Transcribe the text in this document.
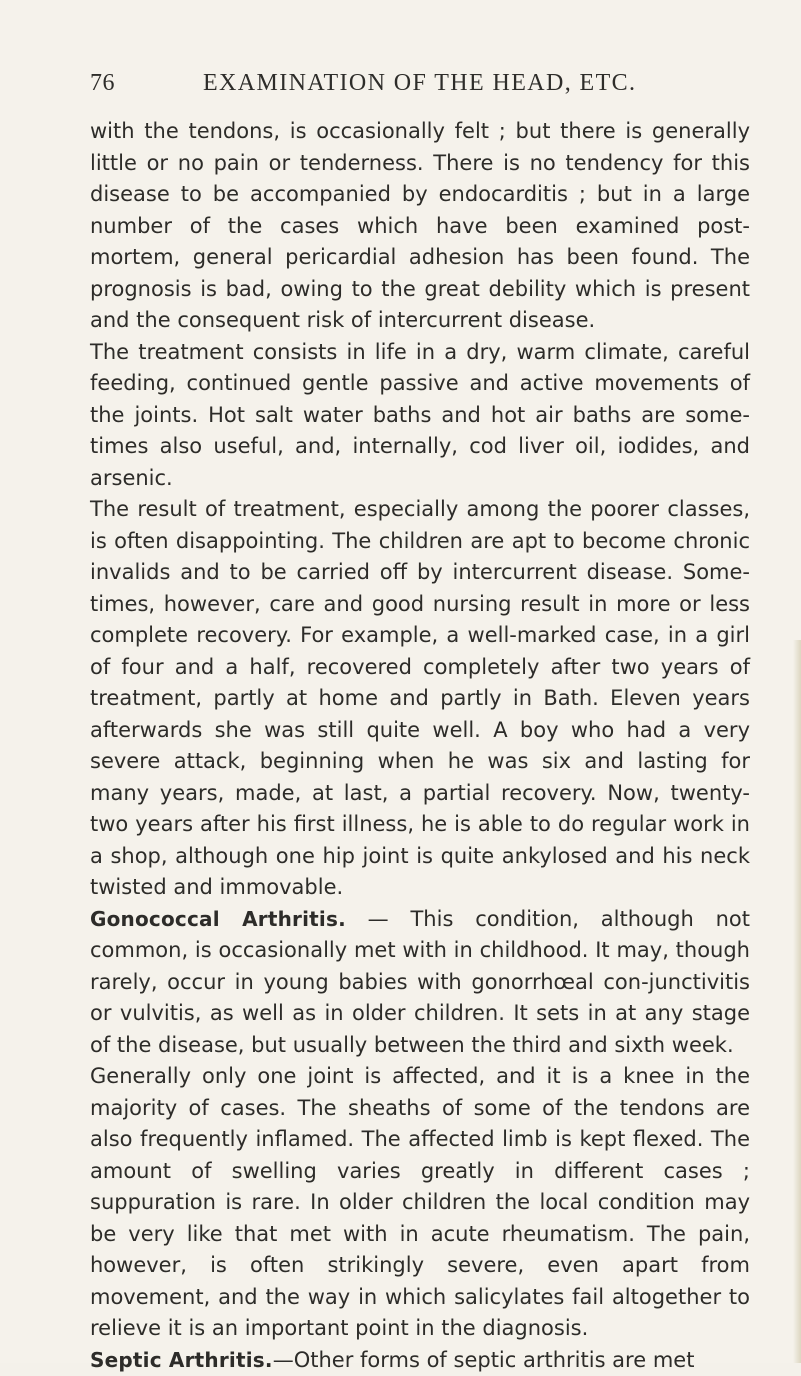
76	EXAMINATION OF THE HEAD, ETC.

with the tendons, is occasionally felt ; but there is generally little or no pain or tenderness. There is no tendency for this disease to be accompanied by endocarditis ; but in a large number of the cases which have been examined post-mortem, general pericardial adhesion has been found. The prognosis is bad, owing to the great debility which is present and the consequent risk of intercurrent disease.

The treatment consists in life in a dry, warm climate, careful feeding, continued gentle passive and active movements of the joints. Hot salt water baths and hot air baths are some-times also useful, and, internally, cod liver oil, iodides, and arsenic.

The result of treatment, especially among the poorer classes, is often disappointing. The children are apt to become chronic invalids and to be carried off by intercurrent disease. Some-times, however, care and good nursing result in more or less complete recovery. For example, a well-marked case, in a girl of four and a half, recovered completely after two years of treatment, partly at home and partly in Bath. Eleven years afterwards she was still quite well. A boy who had a very severe attack, beginning when he was six and lasting for many years, made, at last, a partial recovery. Now, twenty-two years after his first illness, he is able to do regular work in a shop, although one hip joint is quite ankylosed and his neck twisted and immovable.

Gonococcal Arthritis. — This condition, although not common, is occasionally met with in childhood. It may, though rarely, occur in young babies with gonorrhœal con-junctivitis or vulvitis, as well as in older children. It sets in at any stage of the disease, but usually between the third and sixth week.

Generally only one joint is affected, and it is a knee in the majority of cases. The sheaths of some of the tendons are also frequently inflamed. The affected limb is kept flexed. The amount of swelling varies greatly in different cases ; suppuration is rare. In older children the local condition may be very like that met with in acute rheumatism. The pain, however, is often strikingly severe, even apart from movement, and the way in which salicylates fail altogether to relieve it is an important point in the diagnosis.

Septic Arthritis.—Other forms of septic arthritis are met
